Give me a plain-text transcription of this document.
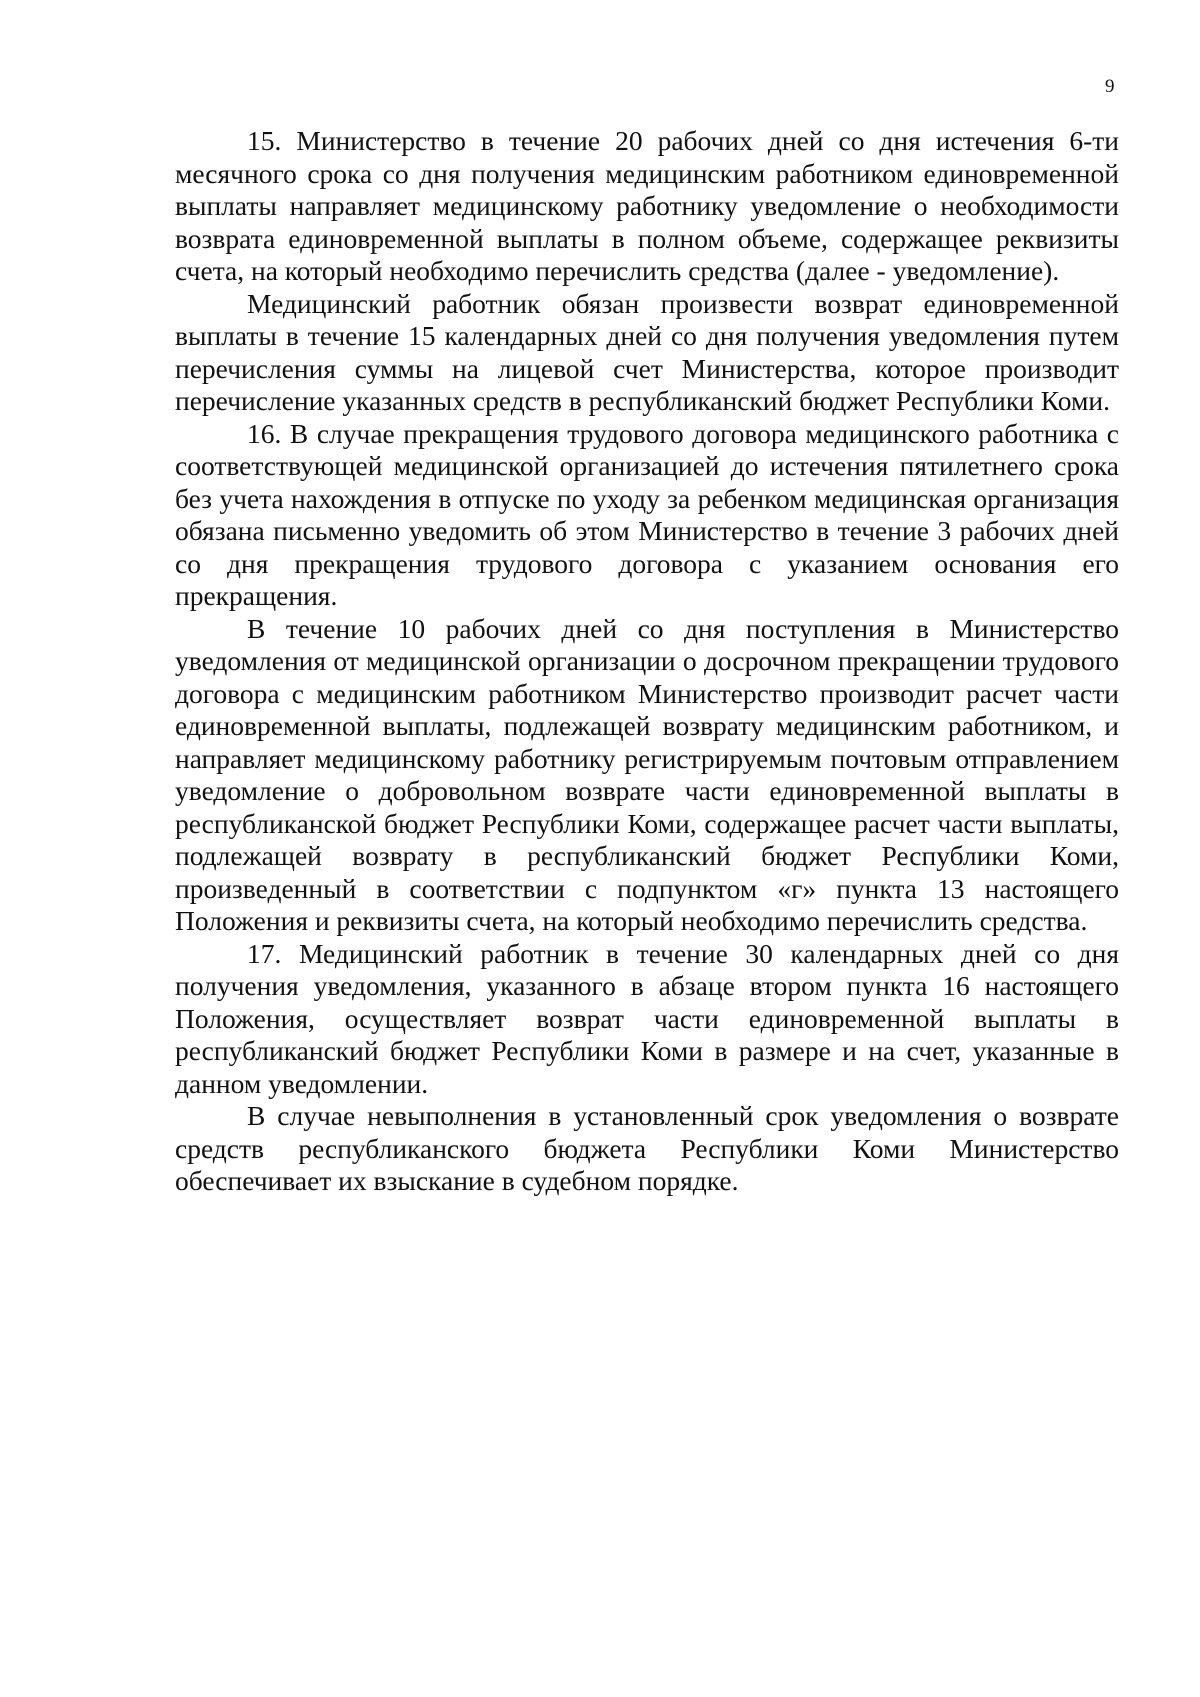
9

15. Министерство в течение 20 рабочих дней со дня истечения 6-ти месячного срока со дня получения медицинским работником единовременной выплаты направляет медицинскому работнику уведомление о необходимости возврата единовременной выплаты в полном объеме, содержащее реквизиты счета, на который необходимо перечислить средства (далее - уведомление).

Медицинский работник обязан произвести возврат единовременной выплаты в течение 15 календарных дней со дня получения уведомления путем перечисления суммы на лицевой счет Министерства, которое производит перечисление указанных средств в республиканский бюджет Республики Коми.

16. В случае прекращения трудового договора медицинского работника с соответствующей медицинской организацией до истечения пятилетнего срока без учета нахождения в отпуске по уходу за ребенком медицинская организация обязана письменно уведомить об этом Министерство в течение 3 рабочих дней со дня прекращения трудового договора с указанием основания его прекращения.

В течение 10 рабочих дней со дня поступления в Министерство уведомления от медицинской организации о досрочном прекращении трудового договора с медицинским работником Министерство производит расчет части единовременной выплаты, подлежащей возврату медицинским работником, и направляет медицинскому работнику регистрируемым почтовым отправлением уведомление о добровольном возврате части единовременной выплаты в республиканской бюджет Республики Коми, содержащее расчет части выплаты, подлежащей возврату в республиканский бюджет Республики Коми, произведенный в соответствии с подпунктом «г» пункта 13 настоящего Положения и реквизиты счета, на который необходимо перечислить средства.

17. Медицинский работник в течение 30 календарных дней со дня получения уведомления, указанного в абзаце втором пункта 16 настоящего Положения, осуществляет возврат части единовременной выплаты в республиканский бюджет Республики Коми в размере и на счет, указанные в данном уведомлении.

В случае невыполнения в установленный срок уведомления о возврате средств республиканского бюджета Республики Коми Министерство обеспечивает их взыскание в судебном порядке.
